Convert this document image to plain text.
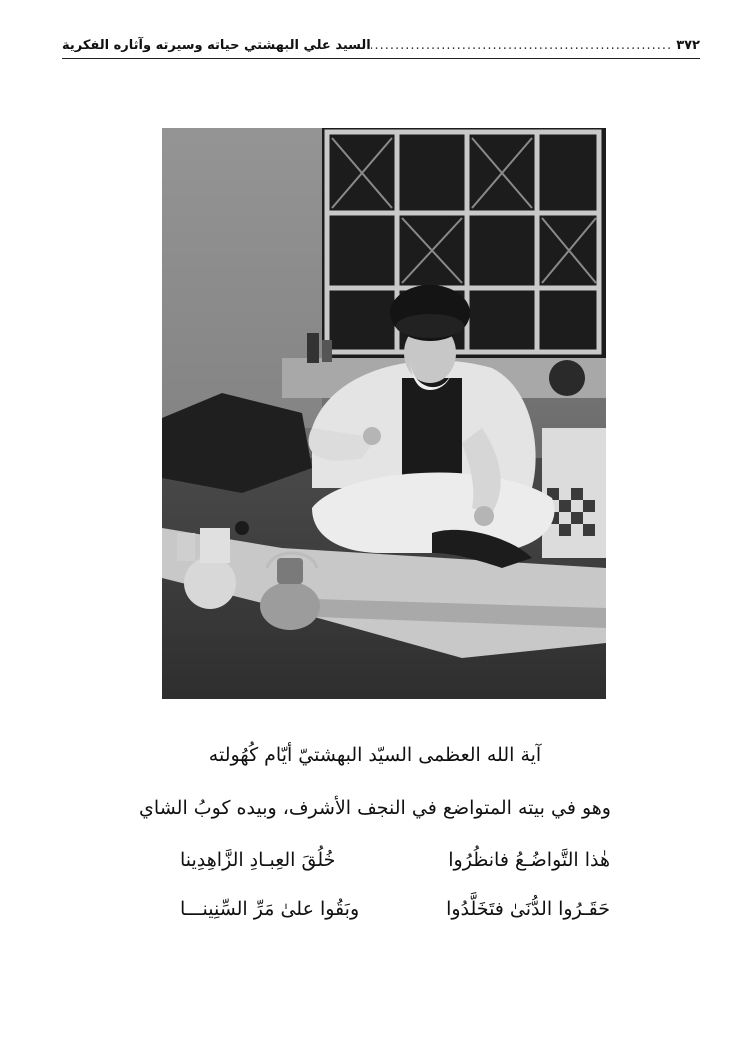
٣٧٢
.....
السيد علي البهشتي حياته وسيرته وآثاره الفكرية
آية الله العظمى السيّد البهشتيّ أيّام كُهُولته
وهو في بيته المتواضع في النجف الأشرف، وبيده كوبُ الشاي
هٰذا التَّواضُـعُ فانظُرُوا
خُلُقَ العِبـادِ الزَّاهِدِينا
حَقَـرُوا الدُّنَىٰ فتَخَلَّدُوا
وبَقُوا علىٰ مَرِّ السِّنِينـــا
